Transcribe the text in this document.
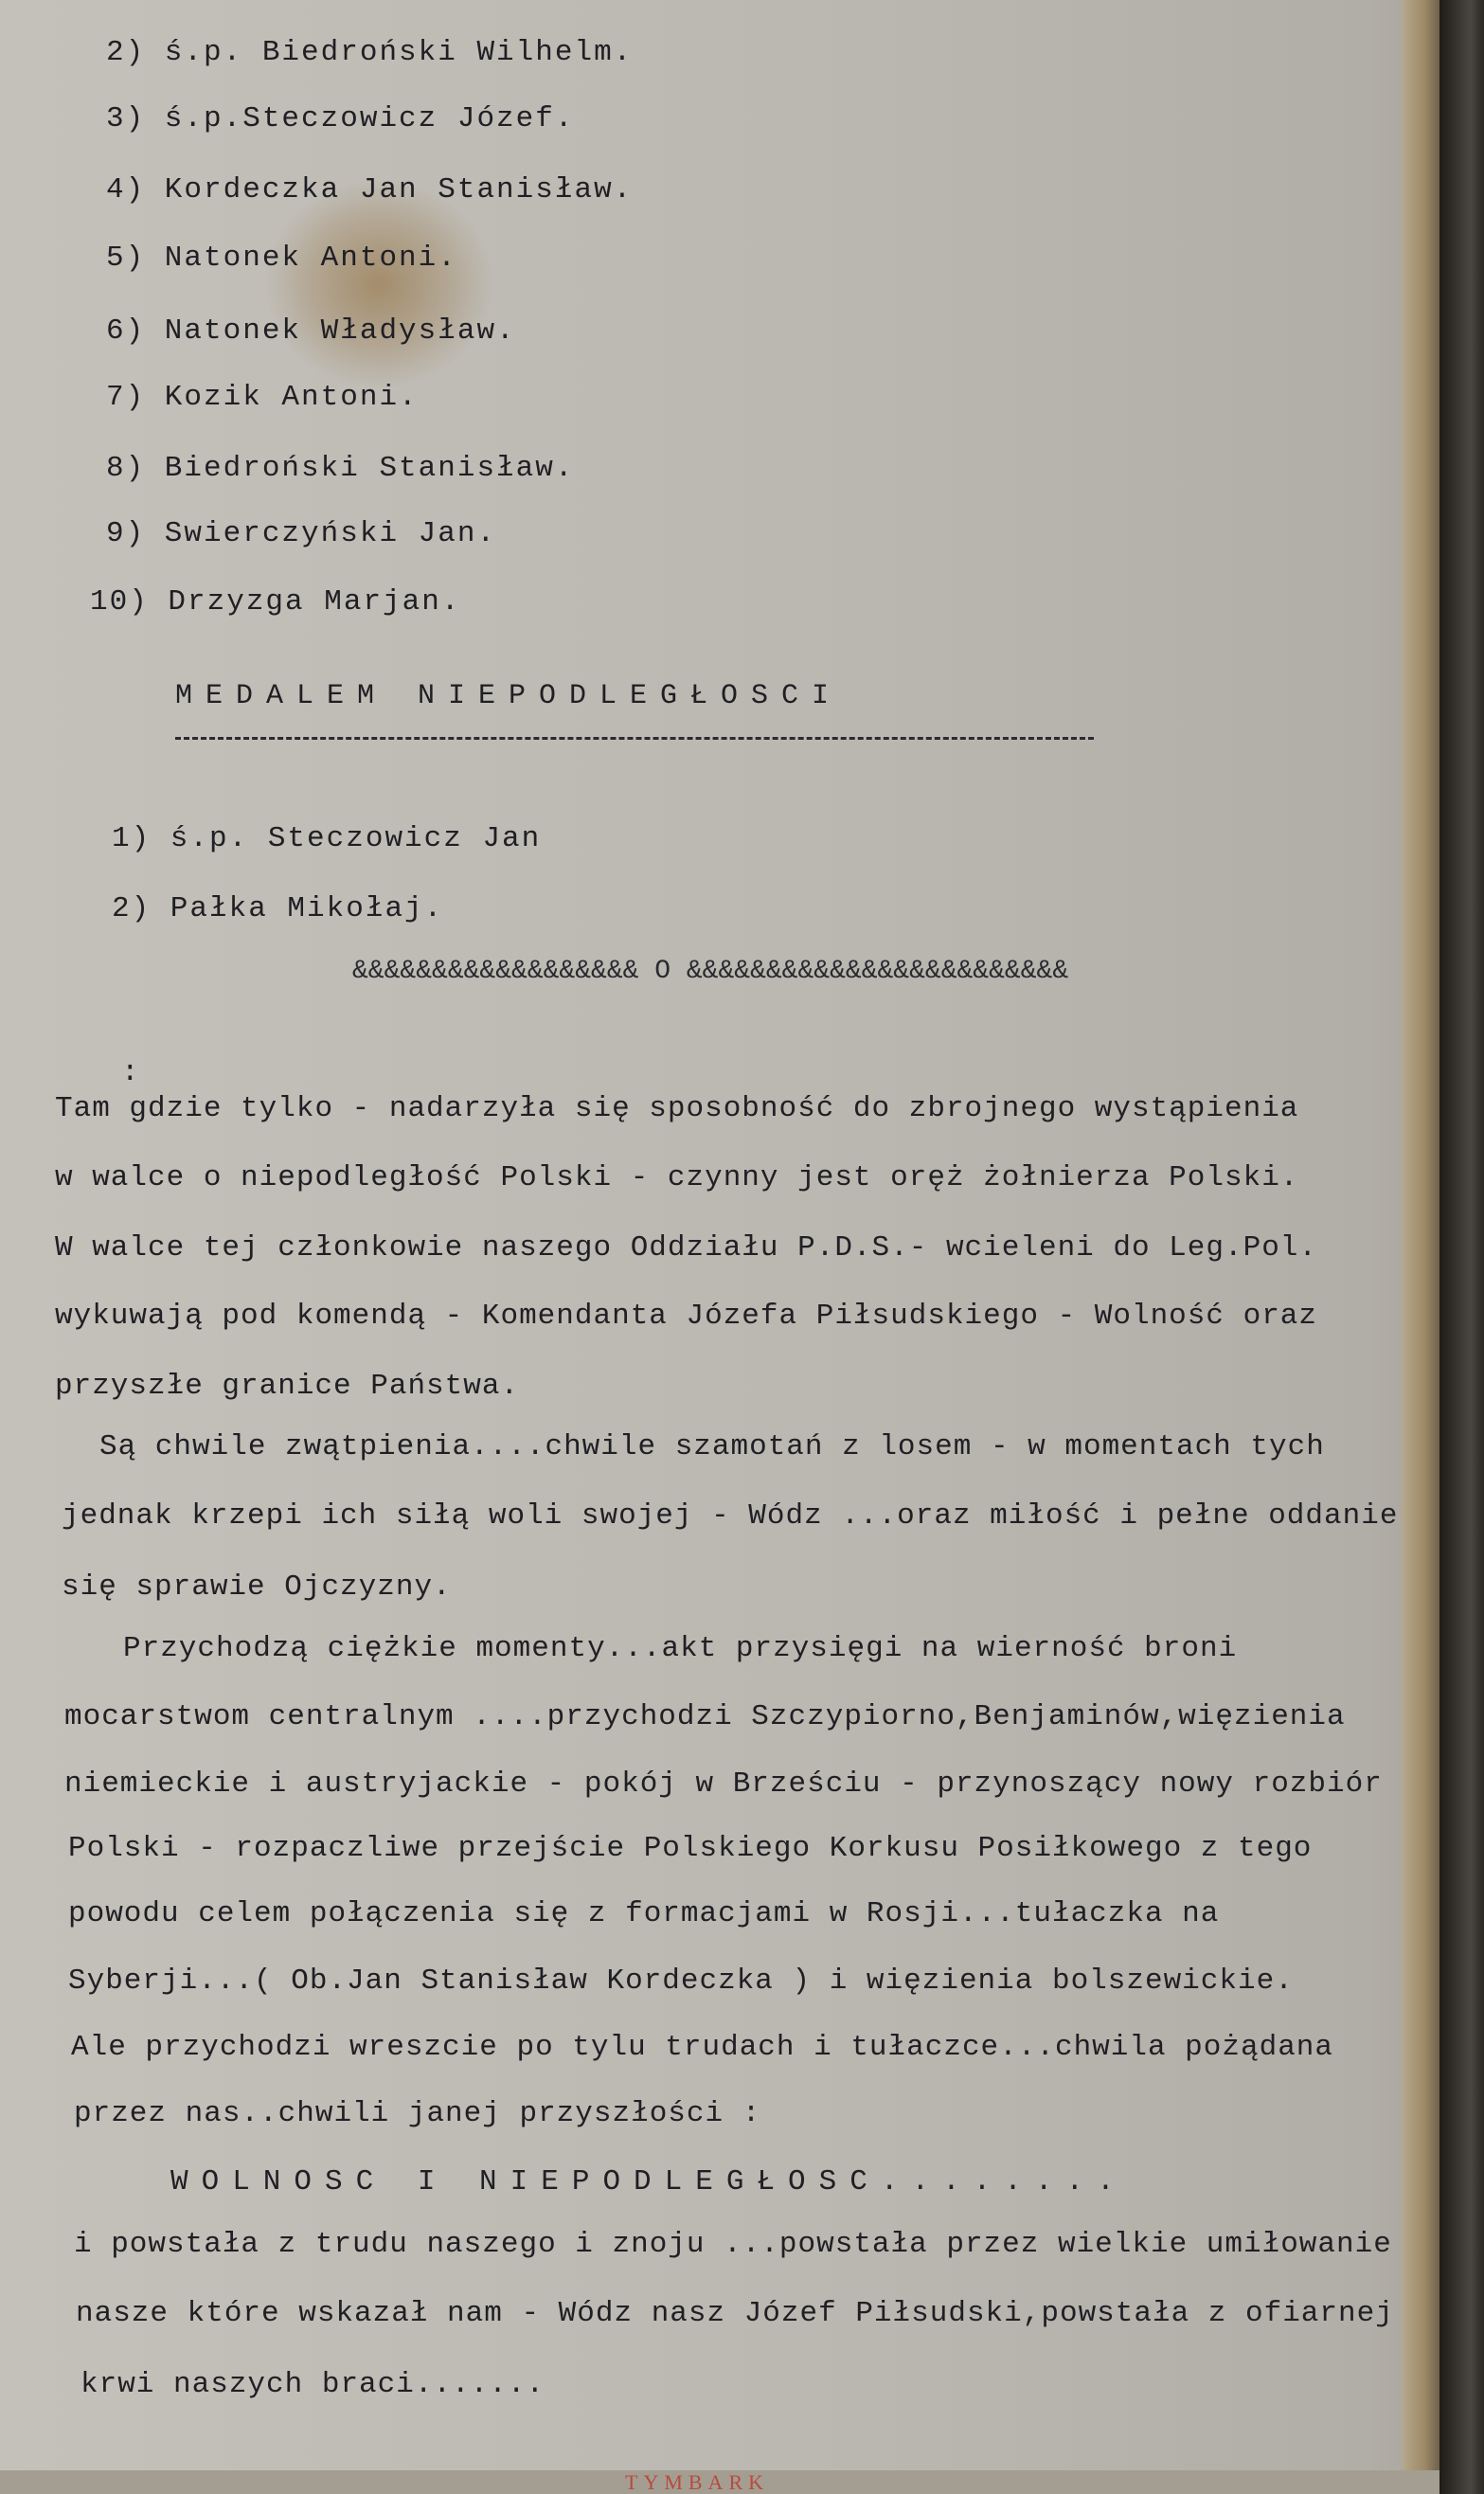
2) ś.p. Biedroński Wilhelm.
3) ś.p.Steczowicz Józef.
4) Kordeczka Jan Stanisław.
5) Natonek Antoni.
6) Natonek Władysław.
7) Kozik Antoni.
8) Biedroński Stanisław.
9) Swierczyński Jan.
10) Drzyzga Marjan.
MEDALEM NIEPODLEGŁOSCI
1) ś.p. Steczowicz Jan
2) Pałka Mikołaj.
&&&&&&&&&&&&&&&&&& O &&&&&&&&&&&&&&&&&&&&&&&&
:
Tam gdzie tylko - nadarzyła się sposobność do zbrojnego wystąpienia
w walce o niepodległość Polski - czynny jest oręż żołnierza Polski.
W walce tej członkowie naszego Oddziału P.D.S.- wcieleni do Leg.Pol.
wykuwają pod komendą - Komendanta Józefa Piłsudskiego - Wolność oraz
przyszłe granice Państwa.
Są chwile zwątpienia....chwile szamotań z losem - w momentach tych
jednak krzepi ich siłą woli swojej - Wódz ...oraz miłość i pełne oddanie
się sprawie Ojczyzny.
Przychodzą ciężkie momenty...akt przysięgi na wierność broni
mocarstwom centralnym ....przychodzi Szczypiorno,Benjaminów,więzienia
niemieckie i austryjackie - pokój w Brześciu - przynoszący nowy rozbiór
Polski - rozpaczliwe przejście Polskiego Korkusu Posiłkowego z tego
powodu celem połączenia się z formacjami w Rosji...tułaczka na
Syberji...( Ob.Jan Stanisław Kordeczka ) i więzienia bolszewickie.
Ale przychodzi wreszcie po tylu trudach i tułaczce...chwila pożądana
przez nas..chwili janej przyszłości :
WOLNOSC I NIEPODLEGŁOSC........
i powstała z trudu naszego i znoju ...powstała przez wielkie umiłowanie
nasze które wskazał nam - Wódz nasz Józef Piłsudski,powstała z ofiarnej
krwi naszych braci.......
TYMBARK
